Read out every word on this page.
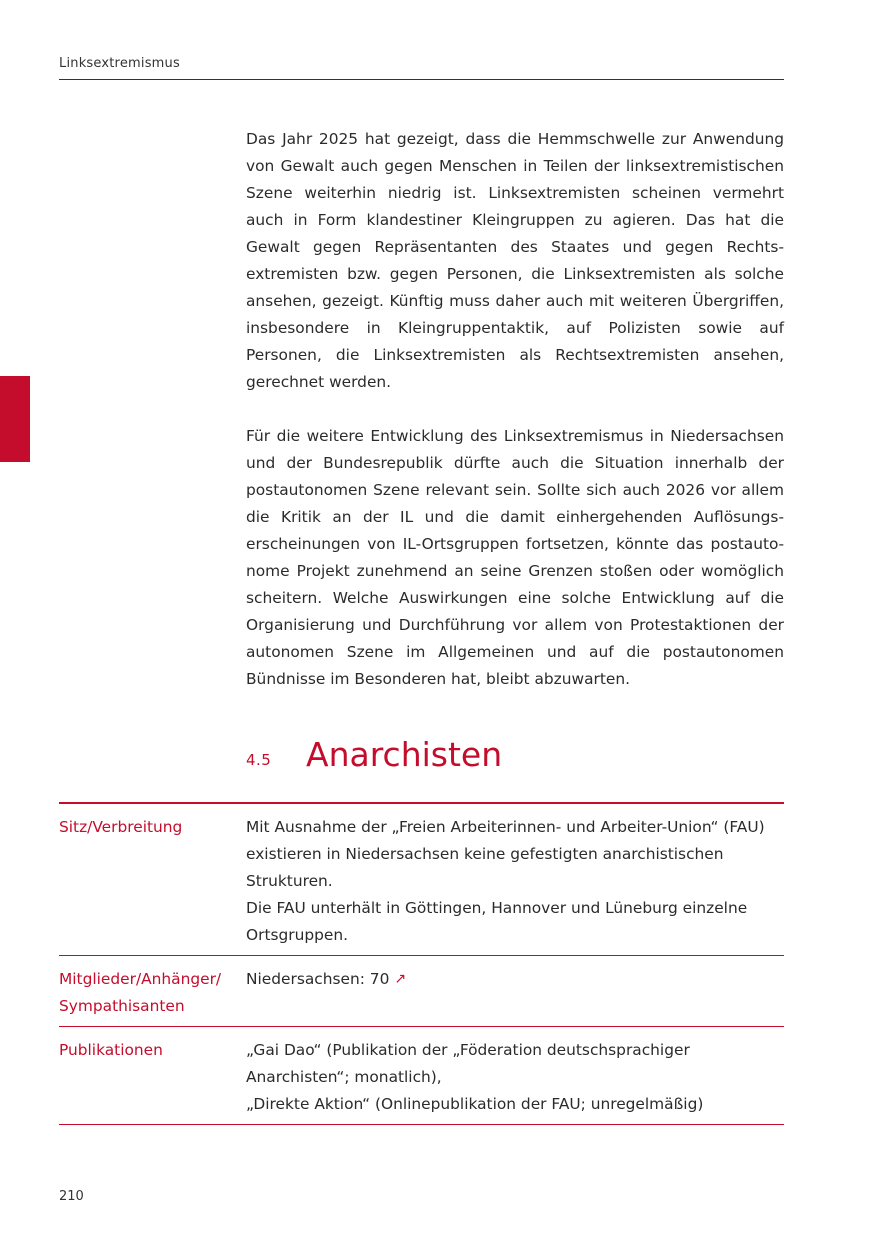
Linksextremismus

Das Jahr 2025 hat gezeigt, dass die Hemmschwelle zur Anwendung von Gewalt auch gegen Menschen in Teilen der linksextremistischen Szene weiterhin niedrig ist. Linksextremisten scheinen vermehrt auch in Form klandestiner Kleingruppen zu agieren. Das hat die Gewalt gegen Repräsentanten des Staates und gegen Rechtsextremisten bzw. gegen Personen, die Linksextremisten als solche ansehen, gezeigt. Künftig muss daher auch mit weiteren Übergriffen, insbesondere in Kleingruppentaktik, auf Polizisten sowie auf Personen, die Linksextremisten als Rechtsextremisten ansehen, gerechnet werden.

Für die weitere Entwicklung des Linksextremismus in Niedersachsen und der Bundesrepublik dürfte auch die Situation innerhalb der postautonomen Szene relevant sein. Sollte sich auch 2026 vor allem die Kritik an der IL und die damit einhergehenden Auflösungserscheinungen von IL-Ortsgruppen fortsetzen, könnte das postautonome Projekt zunehmend an seine Grenzen stoßen oder womöglich scheitern. Welche Auswirkungen eine solche Entwicklung auf die Organisierung und Durchführung vor allem von Protestaktionen der autonomen Szene im Allgemeinen und auf die postautonomen Bündnisse im Besonderen hat, bleibt abzuwarten.

4.5 Anarchisten
Sitz/Verbreitung	Mit Ausnahme der „Freien Arbeiterinnen- und Arbeiter-Union“ (FAU) existieren in Niedersachsen keine gefestigten anarchistischen Strukturen.
Die FAU unterhält in Göttingen, Hannover und Lüneburg einzelne Ortsgruppen.
Mitglieder/Anhänger/
Sympathisanten
Niedersachsen: 70 ↗
Publikationen	„Gai Dao“ (Publikation der „Föderation deutschsprachiger Anarchisten“; monatlich),
„Direkte Aktion“ (Onlinepublikation der FAU; unregelmäßig)
210
